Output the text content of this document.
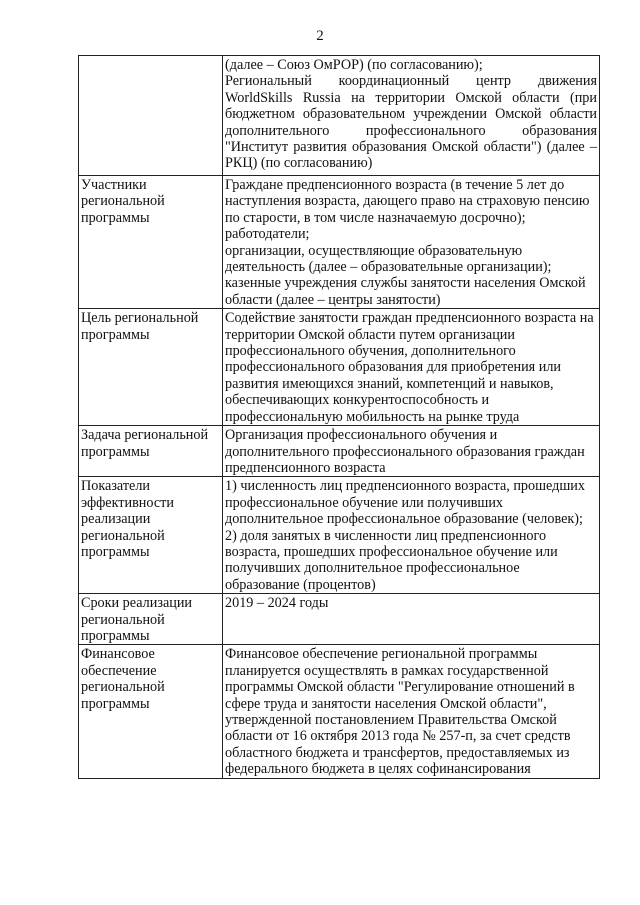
2

	(далее – Союз ОмРОР) (по согласованию);
Региональный координационный центр движения WorldSkills Russia на территории Омской области (при бюджетном образовательном учреждении Омской области дополнительного профессионального образования "Институт развития образования Омской области") (далее – РКЦ) (по согласованию)

Участники региональной программы	Граждане предпенсионного возраста (в течение 5 лет до наступления возраста, дающего право на страховую пенсию по старости, в том числе назначаемую досрочно);
работодатели;
организации, осуществляющие образовательную деятельность (далее – образовательные организации);
казенные учреждения службы занятости населения Омской области (далее – центры занятости)

Цель региональной программы	Содействие занятости граждан предпенсионного возраста на территории Омской области путем организации профессионального обучения, дополнительного профессионального образования для приобретения или развития имеющихся знаний, компетенций и навыков, обеспечивающих конкурентоспособность и профессиональную мобильность на рынке труда

Задача региональной программы	Организация профессионального обучения и дополнительного профессионального образования граждан предпенсионного возраста

Показатели эффективности реализации региональной программы	1) численность лиц предпенсионного возраста, прошедших профессиональное обучение или получивших дополнительное профессиональное образование (человек);
2) доля занятых в численности лиц предпенсионного возраста, прошедших профессиональное обучение или получивших дополнительное профессиональное образование (процентов)

Сроки реализации региональной программы	2019 – 2024 годы

Финансовое обеспечение региональной программы	Финансовое обеспечение региональной программы планируется осуществлять в рамках государственной программы Омской области "Регулирование отношений в сфере труда и занятости населения Омской области", утвержденной постановлением Правительства Омской области от 16 октября 2013 года № 257-п, за счет средств областного бюджета и трансфертов, предоставляемых из федерального бюджета в целях софинансирования
